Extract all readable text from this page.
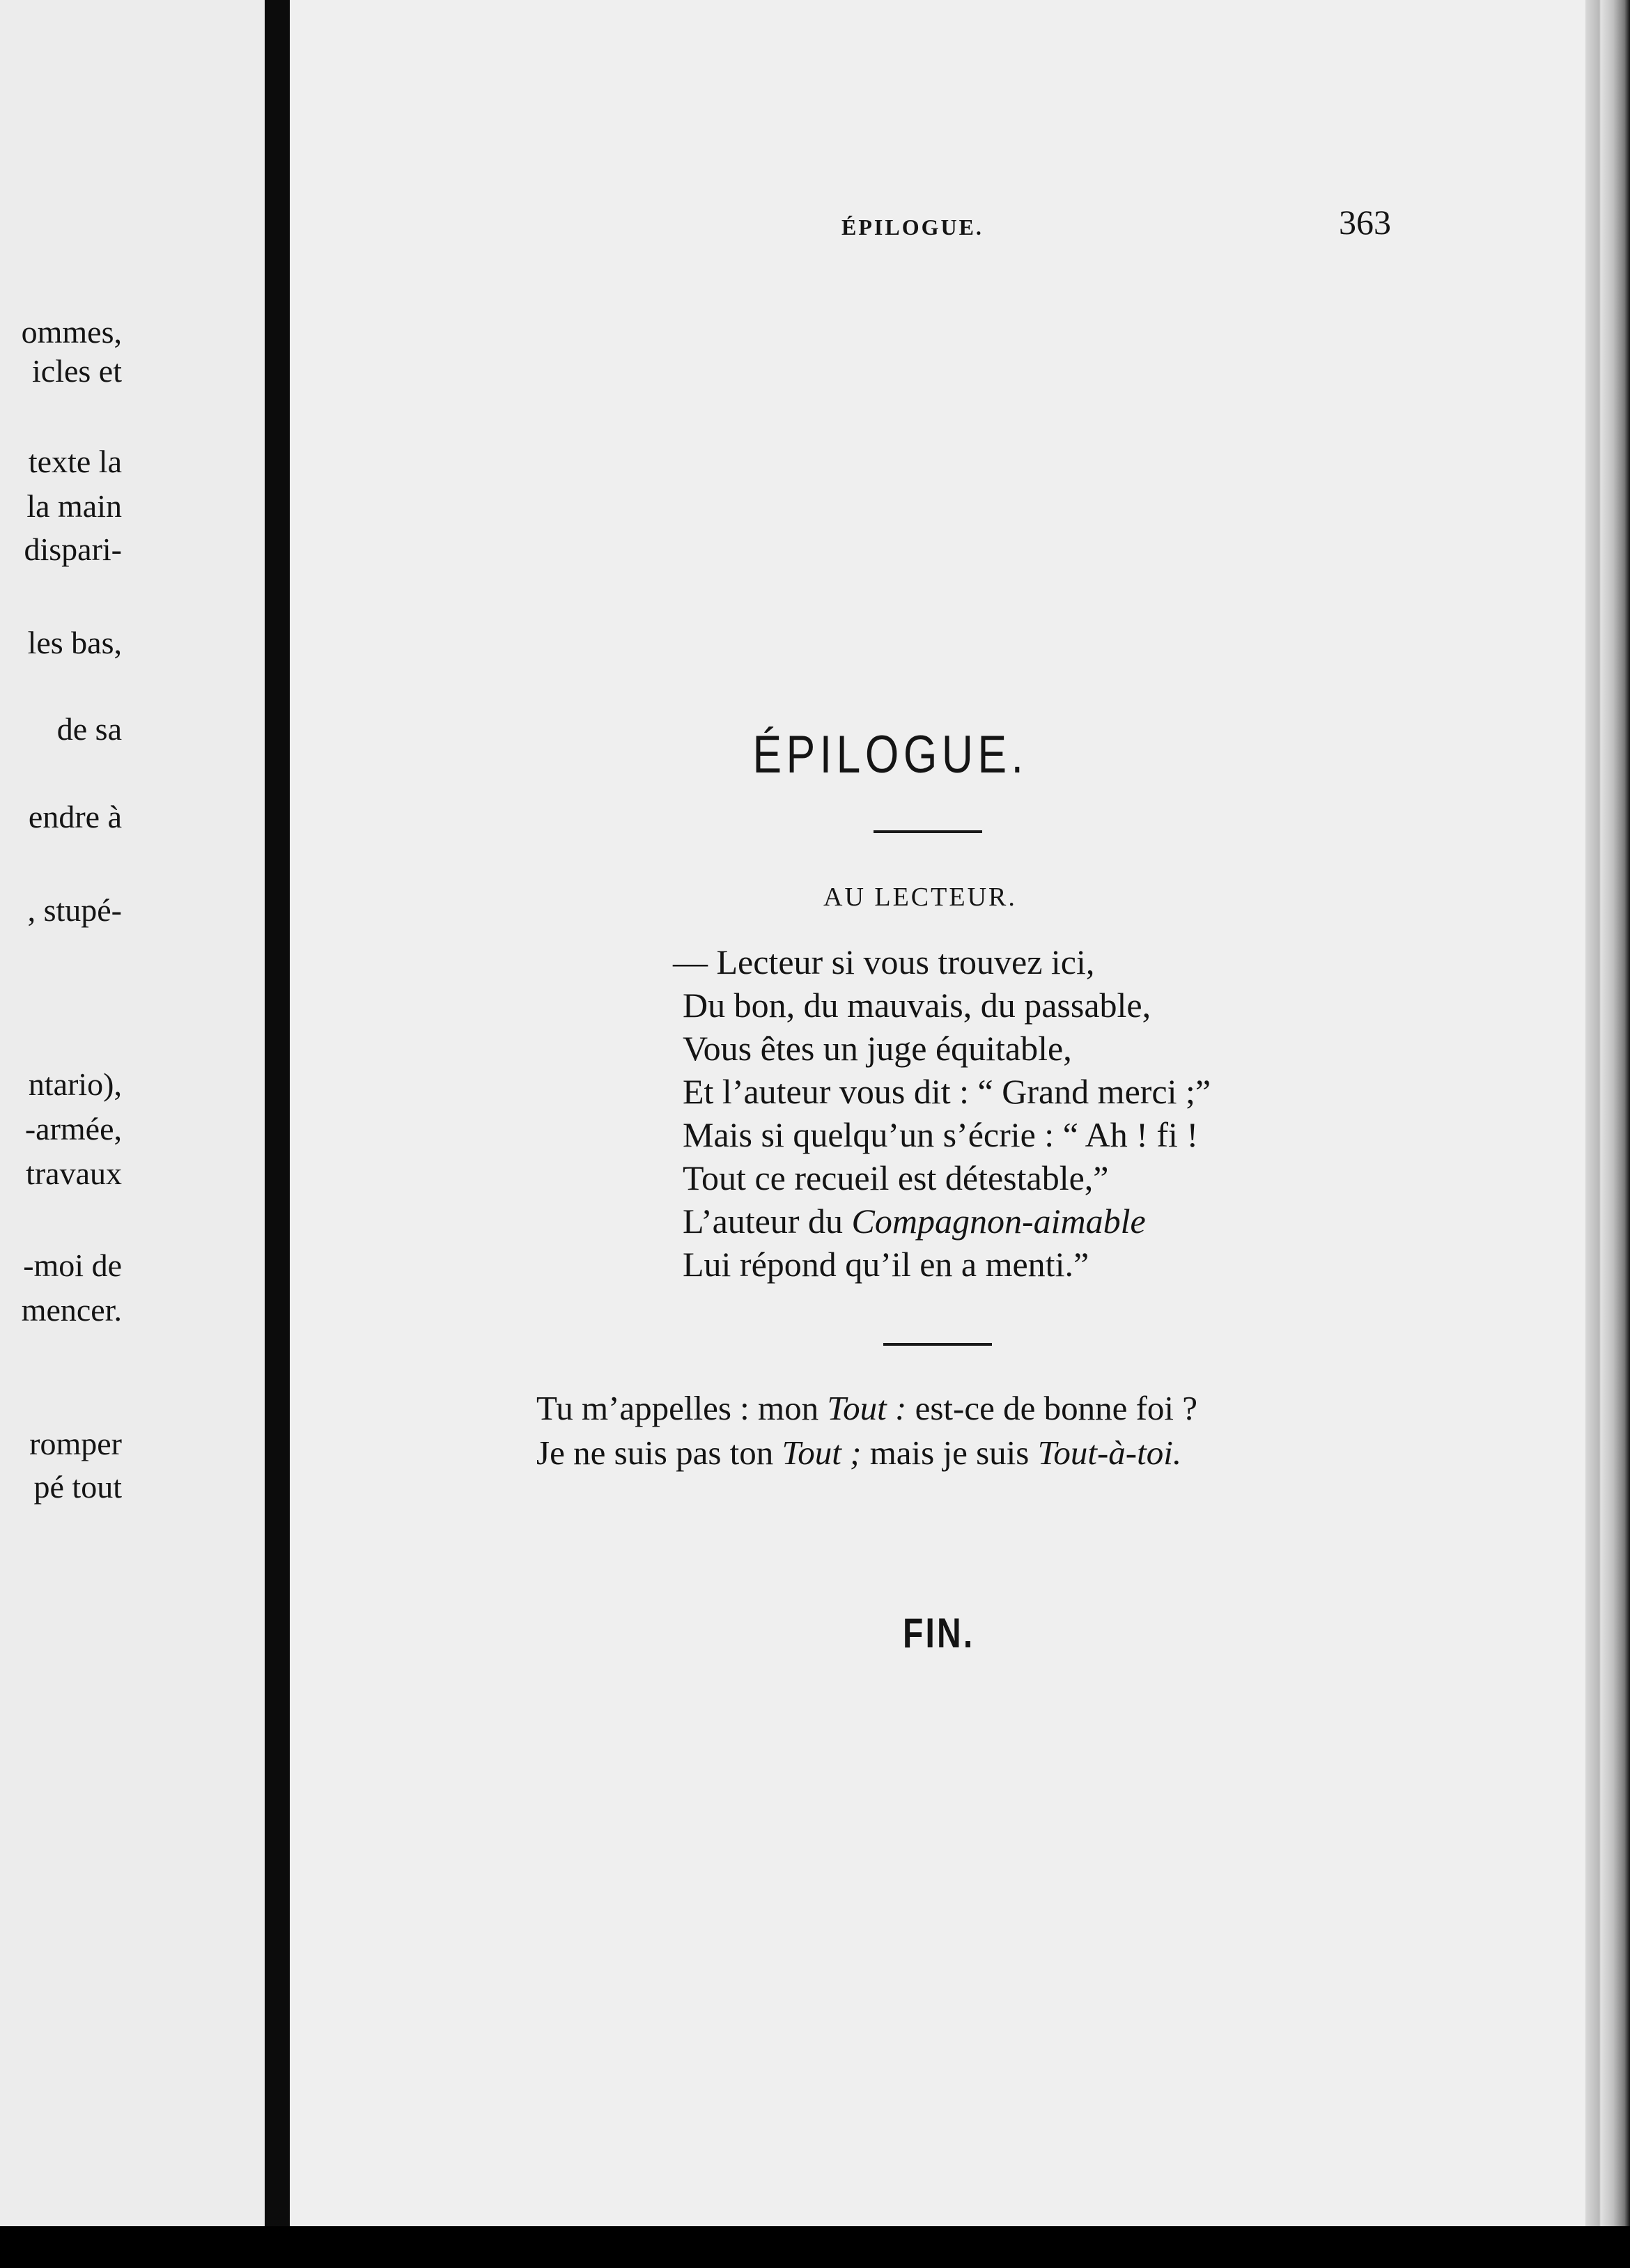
ommes,
icles et
texte la
la main
dispari-
les bas,
de sa
endre à
, stupé-
ntario),
-armée,
travaux
-moi de
mencer.
romper
pé tout
ÉPILOGUE.	363
ÉPILOGUE.
AU LECTEUR.
— Lecteur si vous trouvez ici,
Du bon, du mauvais, du passable,
Vous êtes un juge équitable,
Et l’auteur vous dit : “ Grand merci ;”
Mais si quelqu’un s’écrie : “ Ah ! fi !
Tout ce recueil est détestable,”
L’auteur du Compagnon-aimable
Lui répond qu’il en a menti.”
Tu m’appelles : mon Tout : est-ce de bonne foi ?
Je ne suis pas ton Tout ; mais je suis Tout-à-toi.
FIN.
